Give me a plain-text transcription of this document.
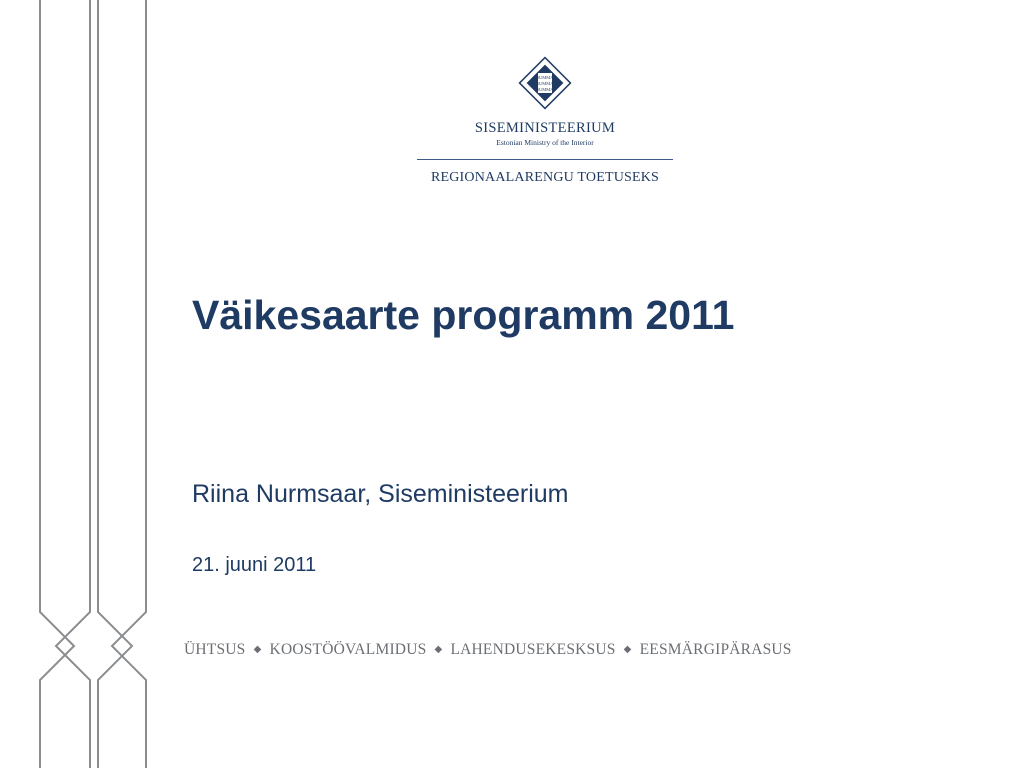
SUMMA
SUMMA
SUMMA
SISEMINISTEERIUM
Estonian Ministry of the Interior
REGIONAALARENGU TOETUSEKS
Väikesaarte programm 2011
Riina Nurmsaar, Siseministeerium
21. juuni 2011
ÜHTSUS ◆ KOOSTÖÖVALMIDUS ◆ LAHENDUSEKESKSUS ◆ EESMÄRGIPÄRASUS
